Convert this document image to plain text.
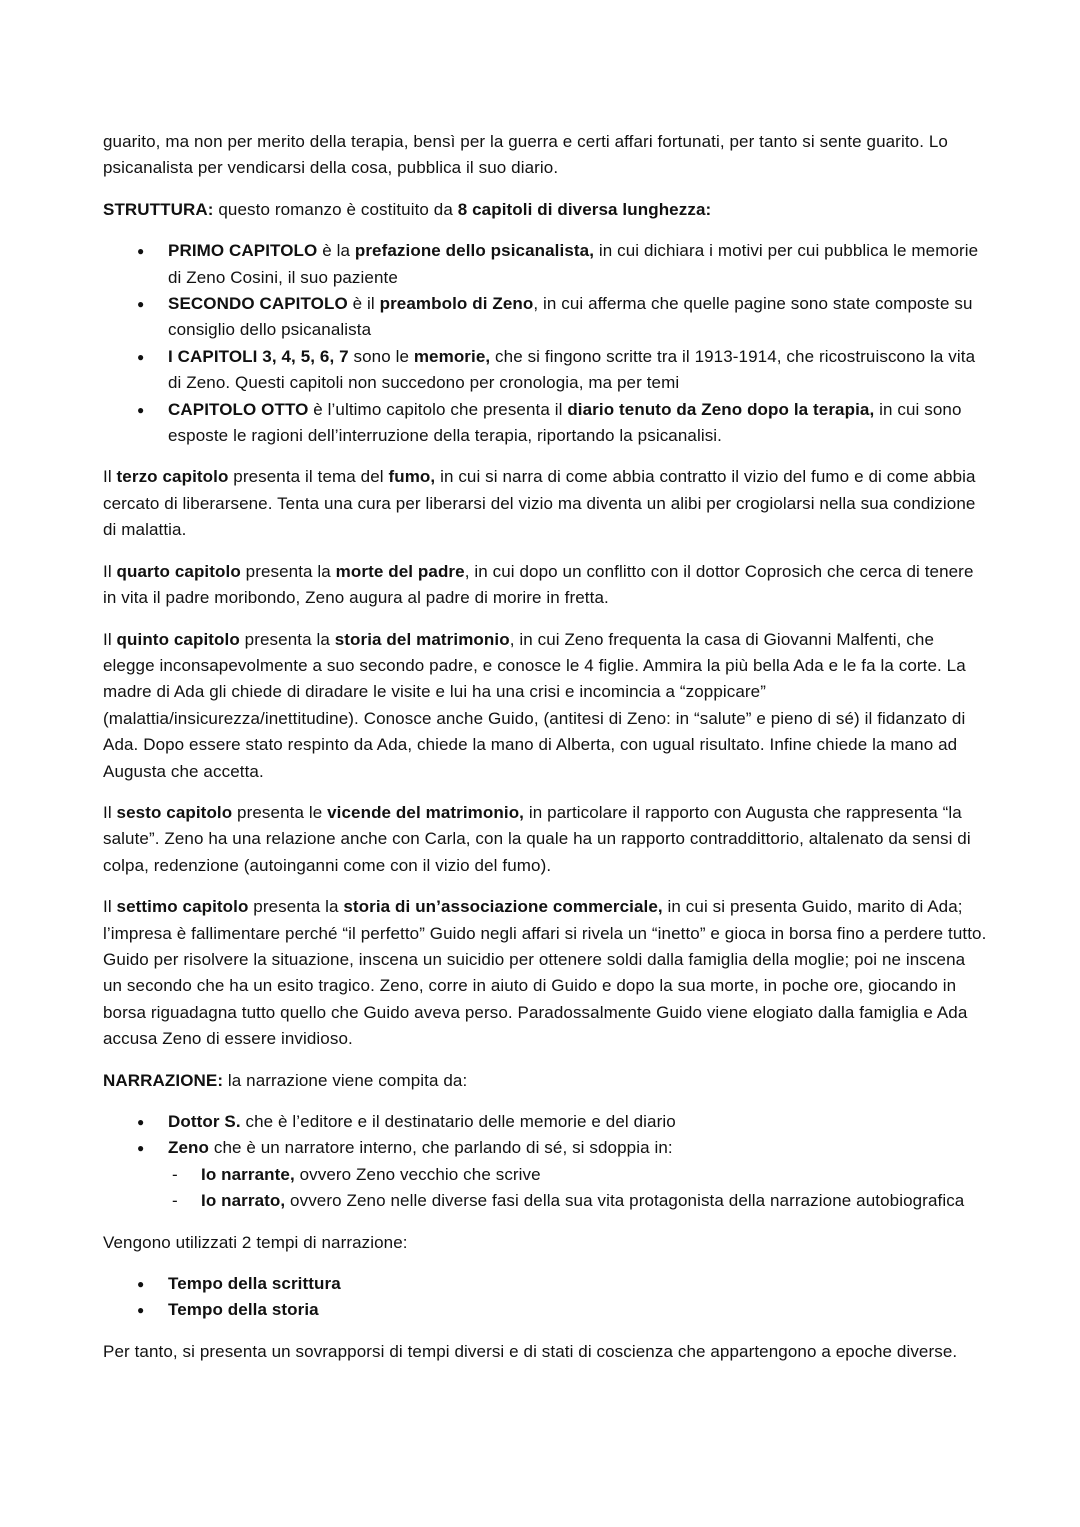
guarito, ma non per merito della terapia, bensì per la guerra e certi affari fortunati, per tanto si sente guarito. Lo psicanalista per vendicarsi della cosa, pubblica il suo diario.

STRUTTURA: questo romanzo è costituito da 8 capitoli di diversa lunghezza:

● PRIMO CAPITOLO è la prefazione dello psicanalista, in cui dichiara i motivi per cui pubblica le memorie di Zeno Cosini, il suo paziente
● SECONDO CAPITOLO è il preambolo di Zeno, in cui afferma che quelle pagine sono state composte su consiglio dello psicanalista
● I CAPITOLI 3, 4, 5, 6, 7 sono le memorie, che si fingono scritte tra il 1913-1914, che ricostruiscono la vita di Zeno. Questi capitoli non succedono per cronologia, ma per temi
● CAPITOLO OTTO è l’ultimo capitolo che presenta il diario tenuto da Zeno dopo la terapia, in cui sono esposte le ragioni dell’interruzione della terapia, riportando la psicanalisi.

Il terzo capitolo presenta il tema del fumo, in cui si narra di come abbia contratto il vizio del fumo e di come abbia cercato di liberarsene. Tenta una cura per liberarsi del vizio ma diventa un alibi per crogiolarsi nella sua condizione di malattia.

Il quarto capitolo presenta la morte del padre, in cui dopo un conflitto con il dottor Coprosich che cerca di tenere in vita il padre moribondo, Zeno augura al padre di morire in fretta.

Il quinto capitolo presenta la storia del matrimonio, in cui Zeno frequenta la casa di Giovanni Malfenti, che elegge inconsapevolmente a suo secondo padre, e conosce le 4 figlie. Ammira la più bella Ada e le fa la corte. La madre di Ada gli chiede di diradare le visite e lui ha una crisi e incomincia a “zoppicare” (malattia/insicurezza/inettitudine). Conosce anche Guido, (antitesi di Zeno: in “salute” e pieno di sé) il fidanzato di Ada. Dopo essere stato respinto da Ada, chiede la mano di Alberta, con ugual risultato. Infine chiede la mano ad Augusta che accetta.

Il sesto capitolo presenta le vicende del matrimonio, in particolare il rapporto con Augusta che rappresenta “la salute”. Zeno ha una relazione anche con Carla, con la quale ha un rapporto contraddittorio, altalenato da sensi di colpa, redenzione (autoinganni come con il vizio del fumo).

Il settimo capitolo presenta la storia di un’associazione commerciale, in cui si presenta Guido, marito di Ada; l’impresa è fallimentare perché “il perfetto” Guido negli affari si rivela un “inetto” e gioca in borsa fino a perdere tutto. Guido per risolvere la situazione, inscena un suicidio per ottenere soldi dalla famiglia della moglie; poi ne inscena un secondo che ha un esito tragico. Zeno, corre in aiuto di Guido e dopo la sua morte, in poche ore, giocando in borsa riguadagna tutto quello che Guido aveva perso. Paradossalmente Guido viene elogiato dalla famiglia e Ada accusa Zeno di essere invidioso.

NARRAZIONE: la narrazione viene compita da:

● Dottor S. che è l’editore e il destinatario delle memorie e del diario
● Zeno che è un narratore interno, che parlando di sé, si sdoppia in:
- Io narrante, ovvero Zeno vecchio che scrive
- Io narrato, ovvero Zeno nelle diverse fasi della sua vita protagonista della narrazione autobiografica

Vengono utilizzati 2 tempi di narrazione:

● Tempo della scrittura
● Tempo della storia

Per tanto, si presenta un sovrapporsi di tempi diversi e di stati di coscienza che appartengono a epoche diverse.
